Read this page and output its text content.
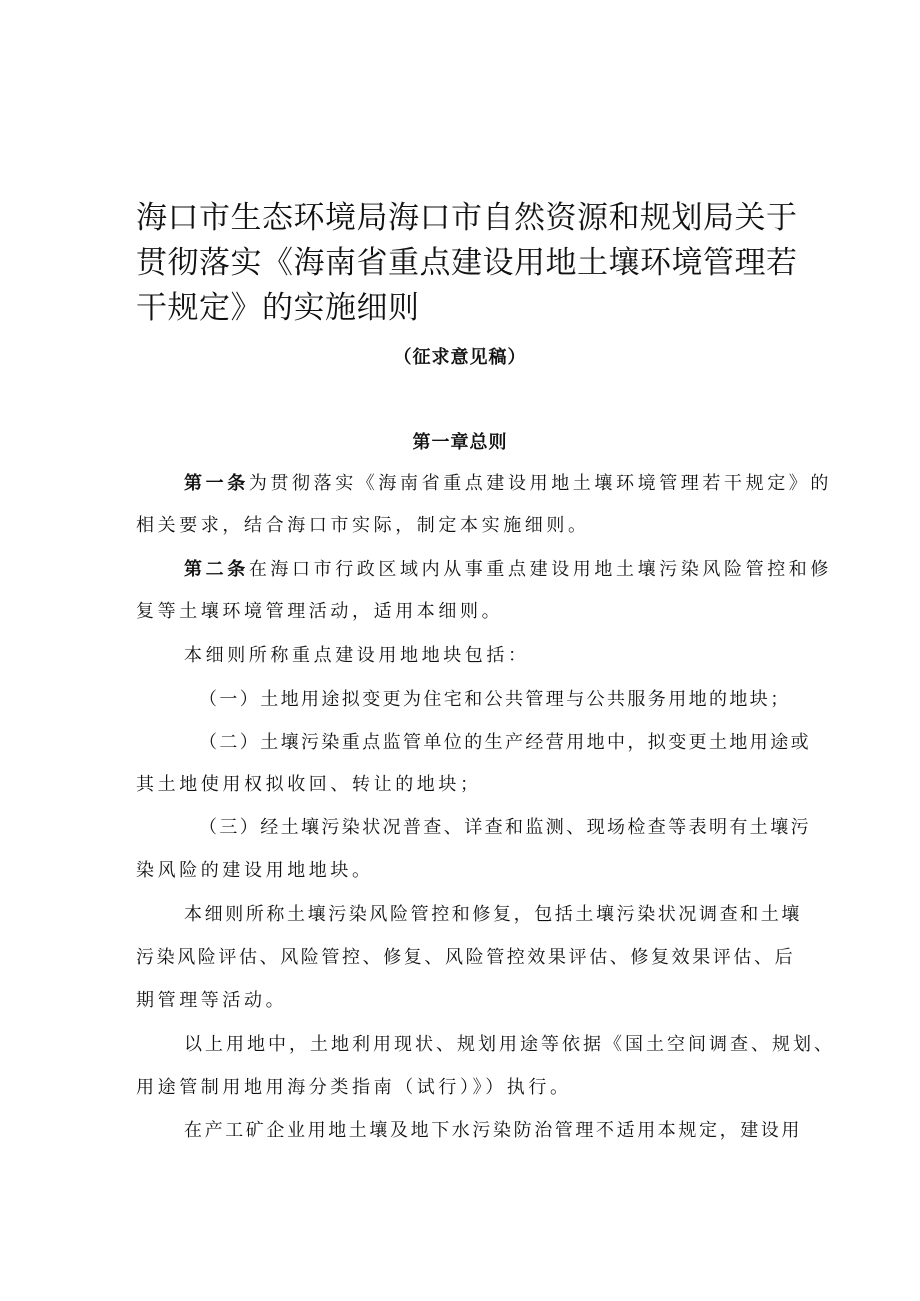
海口市生态环境局海口市自然资源和规划局关于
贯彻落实《海南省重点建设用地土壤环境管理若
干规定》的实施细则
（征求意见稿）
第一章总则
第一条为贯彻落实《海南省重点建设用地土壤环境管理若干规定》的
相关要求，结合海口市实际，制定本实施细则。
第二条在海口市行政区域内从事重点建设用地土壤污染风险管控和修
复等土壤环境管理活动，适用本细则。
本细则所称重点建设用地地块包括：
（一）土地用途拟变更为住宅和公共管理与公共服务用地的地块；
（二）土壤污染重点监管单位的生产经营用地中，拟变更土地用途或
其土地使用权拟收回、转让的地块；
（三）经土壤污染状况普查、详查和监测、现场检查等表明有土壤污
染风险的建设用地地块。
本细则所称土壤污染风险管控和修复，包括土壤污染状况调查和土壤
污染风险评估、风险管控、修复、风险管控效果评估、修复效果评估、后
期管理等活动。
以上用地中，土地利用现状、规划用途等依据《国土空间调查、规划、
用途管制用地用海分类指南（试行）》）执行。
在产工矿企业用地土壤及地下水污染防治管理不适用本规定，建设用
